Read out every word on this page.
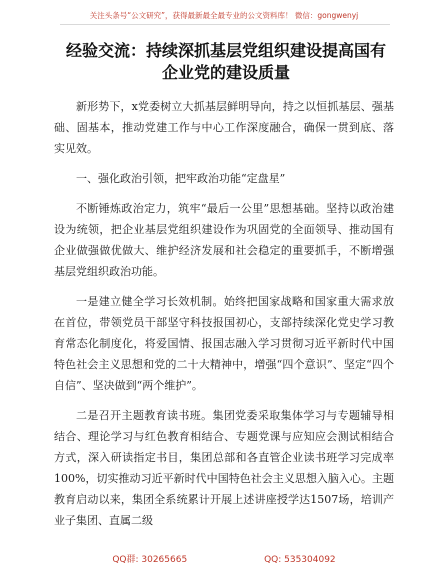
关注头条号“公文研究”，获得最新最全最专业的公文资料库！ 微信：gongwenyj
经验交流：持续深抓基层党组织建设提高国有
企业党的建设质量

新形势下，x党委树立大抓基层鲜明导向，持之以恒抓基层、强基础、固基本，推动党建工作与中心工作深度融合，确保一贯到底、落实见效。

一、强化政治引领，把牢政治功能“定盘星”

不断锤炼政治定力，筑牢“最后一公里”思想基础。坚持以政治建设为统领，把企业基层党组织建设作为巩固党的全面领导、推动国有企业做强做优做大、维护经济发展和社会稳定的重要抓手，不断增强基层党组织政治功能。

一是建立健全学习长效机制。始终把国家战略和国家重大需求放在首位，带领党员干部坚守科技报国初心，支部持续深化党史学习教育常态化制度化，将爱国情、报国志融入学习贯彻习近平新时代中国特色社会主义思想和党的二十大精神中，增强“四个意识”、坚定“四个自信”、坚决做到“两个维护”。

二是召开主题教育读书班。集团党委采取集体学习与专题辅导相结合、理论学习与红色教育相结合、专题党课与应知应会测试相结合方式，深入研读指定书目，集团总部和各直管企业读书班学习完成率100%，切实推动习近平新时代中国特色社会主义思想入脑入心。主题教育启动以来，集团全系统累计开展上述讲座授学达1507场，培训产业子集团、直属二级

QQ群: 30265665	QQ: 535304092
